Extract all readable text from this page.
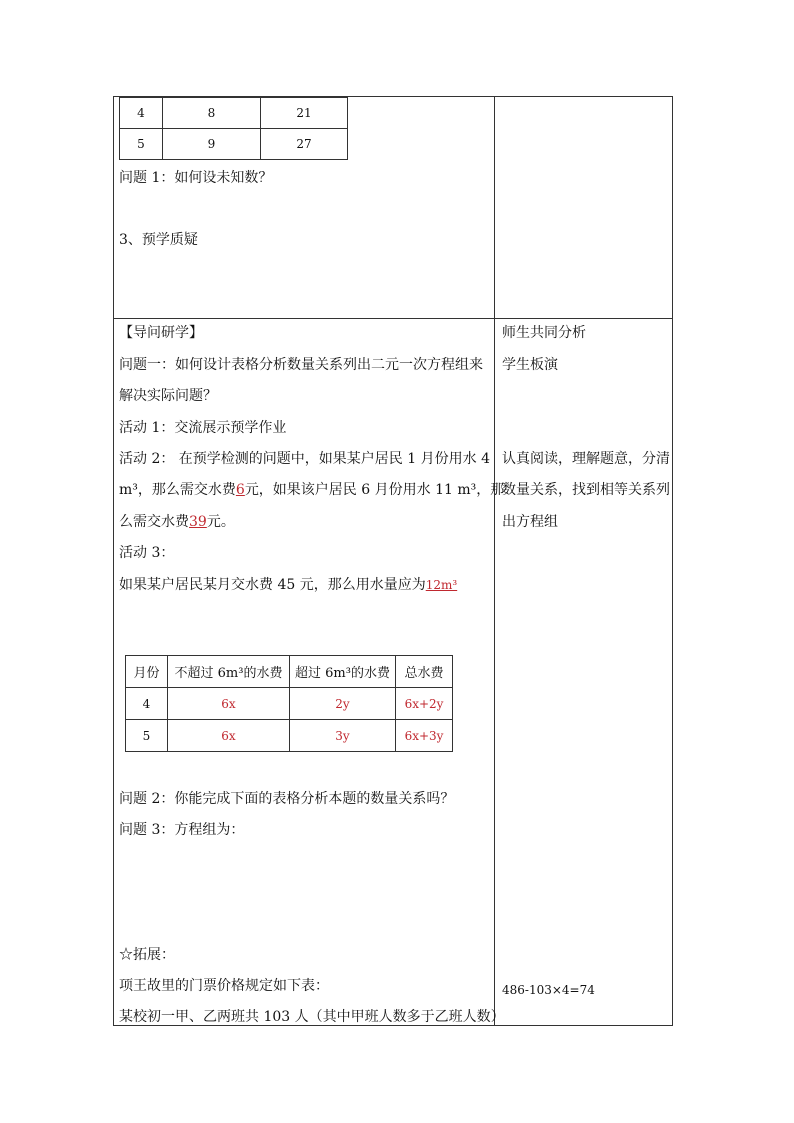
4	8	21
5	9	27
问题 1：如何设未知数？
3、预学质疑
【导问研学】
问题一：如何设计表格分析数量关系列出二元一次方程组来
解决实际问题？
活动 1：交流展示预学作业
活动 2： 在预学检测的问题中，如果某户居民 1 月份用水 4
m³，那么需交水费6元，如果该户居民 6 月份用水 11 m³，那
么需交水费39元。
活动 3：
如果某户居民某月交水费 45 元，那么用水量应为12m³
月份	不超过 6m³的水费	超过 6m³的水费	总水费
4	6x	2y	6x+2y
5	6x	3y	6x+3y
问题 2：你能完成下面的表格分析本题的数量关系吗？
问题 3：方程组为：
☆拓展：
项王故里的门票价格规定如下表：
某校初一甲、乙两班共 103 人（其中甲班人数多于乙班人数）
师生共同分析
学生板演
认真阅读，理解题意，分清
数量关系，找到相等关系列
出方程组
486-103×4=74
